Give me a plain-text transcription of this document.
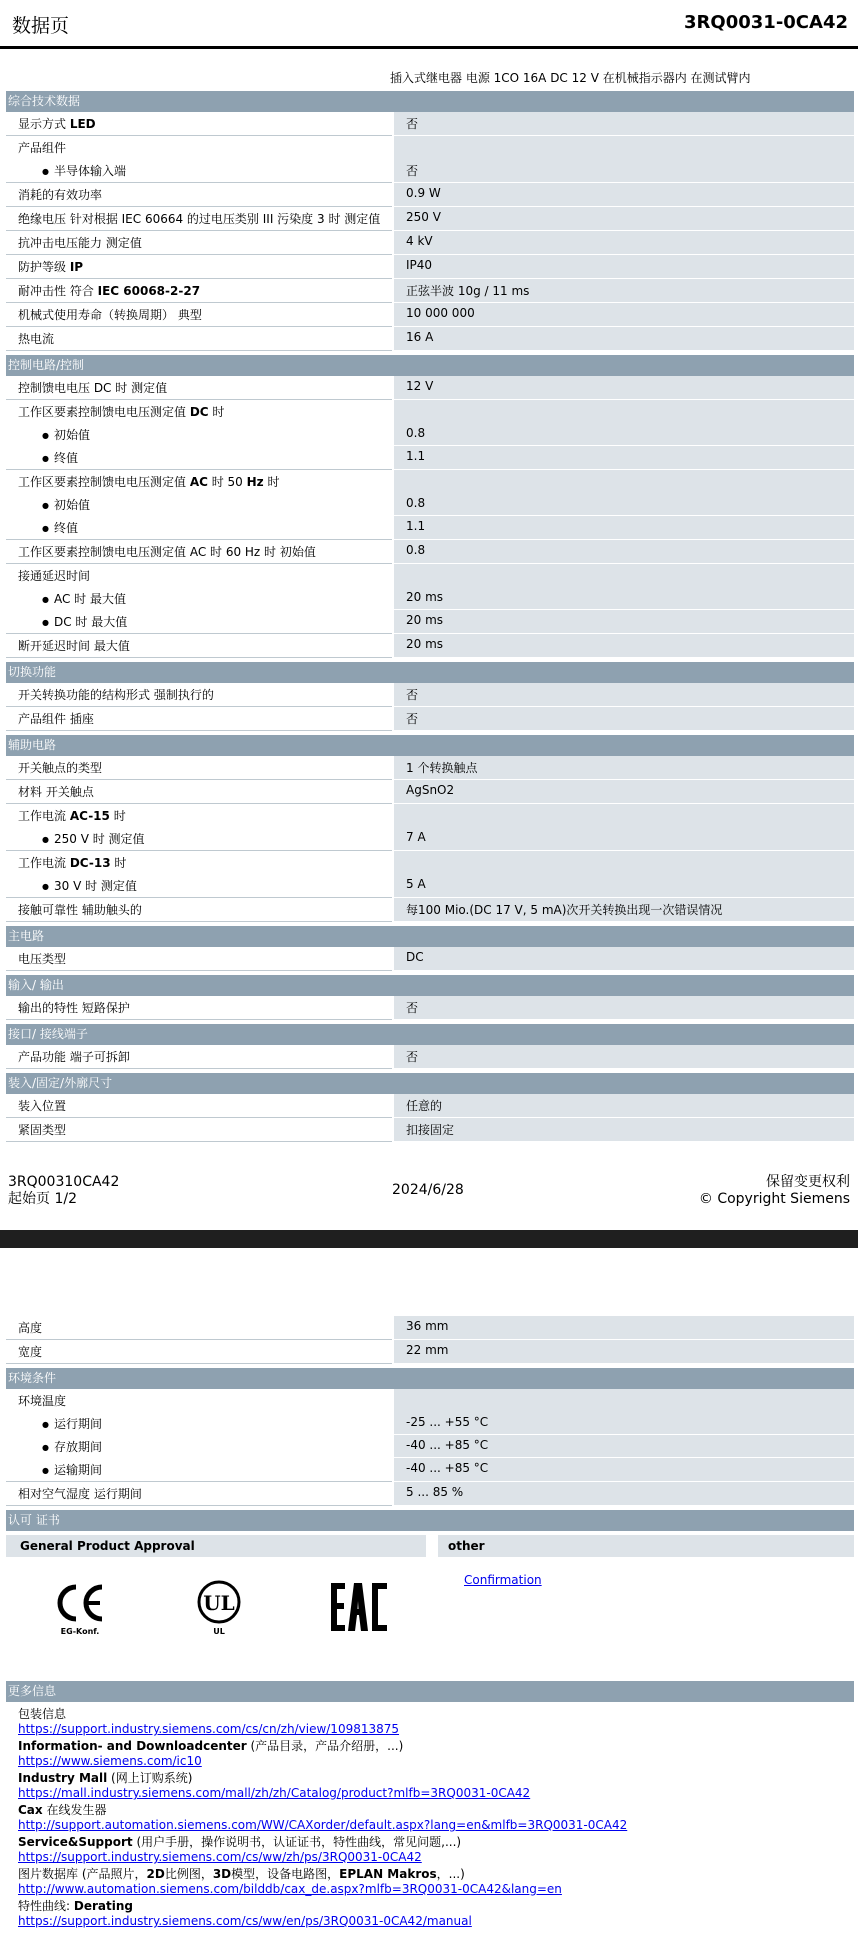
数据页	3RQ0031-0CA42
插入式继电器 电源 1CO 16A DC 12 V 在机械指示器内 在测试臂内
综合技术数据
显示方式 LED	否
产品组件

● 半导体输入端	否
消耗的有效功率	0.9 W
绝缘电压 针对根据 IEC 60664 的过电压类别 III 污染度 3 时 测定值	250 V
抗冲击电压能力 测定值	4 kV
防护等级 IP	IP40
耐冲击性 符合 IEC 60068-2-27	正弦半波 10g / 11 ms
机械式使用寿命（转换周期） 典型	10 000 000
热电流	16 A
控制电路/控制
控制馈电电压 DC 时 测定值	12 V
工作区要素控制馈电电压测定值 DC 时

● 初始值	0.8
● 终值	1.1
工作区要素控制馈电电压测定值 AC 时 50 Hz 时

● 初始值	0.8
● 终值	1.1
工作区要素控制馈电电压测定值 AC 时 60 Hz 时 初始值	0.8
接通延迟时间

● AC 时 最大值	20 ms
● DC 时 最大值	20 ms
断开延迟时间 最大值	20 ms
切换功能
开关转换功能的结构形式 强制执行的	否
产品组件 插座	否
辅助电路
开关触点的类型	1 个转换触点
材料 开关触点	AgSnO2
工作电流 AC-15 时

● 250 V 时 测定值	7 A
工作电流 DC-13 时

● 30 V 时 测定值	5 A
接触可靠性 辅助触头的	每100 Mio.(DC 17 V, 5 mA)次开关转换出现一次错误情况
主电路
电压类型	DC
输入/ 输出
输出的特性 短路保护	否
接口/ 接线端子
产品功能 端子可拆卸	否
装入/固定/外廓尺寸
装入位置	任意的
紧固类型	扣接固定
3RQ00310CA42
起始页 1/2
2024/6/28	保留变更权利
© Copyright Siemens
高度	36 mm
宽度	22 mm
环境条件
环境温度

● 运行期间	-25 ... +55 °C
● 存放期间	-40 ... +85 °C
● 运输期间	-40 ... +85 °C
相对空气湿度 运行期间	5 ... 85 %
认可 证书
General Product Approval	other
EG-Konf.
UL
UL
Confirmation
更多信息
包装信息
https://support.industry.siemens.com/cs/cn/zh/view/109813875
Information- and Downloadcenter (产品目录，产品介绍册，...)
https://www.siemens.com/ic10
Industry Mall (网上订购系统)
https://mall.industry.siemens.com/mall/zh/zh/Catalog/product?mlfb=3RQ0031-0CA42
Cax 在线发生器
http://support.automation.siemens.com/WW/CAXorder/default.aspx?lang=en&mlfb=3RQ0031-0CA42
Service&Support (用户手册，操作说明书，认证证书，特性曲线，常见问题,...)
https://support.industry.siemens.com/cs/ww/zh/ps/3RQ0031-0CA42
图片数据库 (产品照片，2D比例图，3D模型，设备电路图，EPLAN Makros，...)
http://www.automation.siemens.com/bilddb/cax_de.aspx?mlfb=3RQ0031-0CA42&lang=en
特性曲线: Derating
https://support.industry.siemens.com/cs/ww/en/ps/3RQ0031-0CA42/manual
